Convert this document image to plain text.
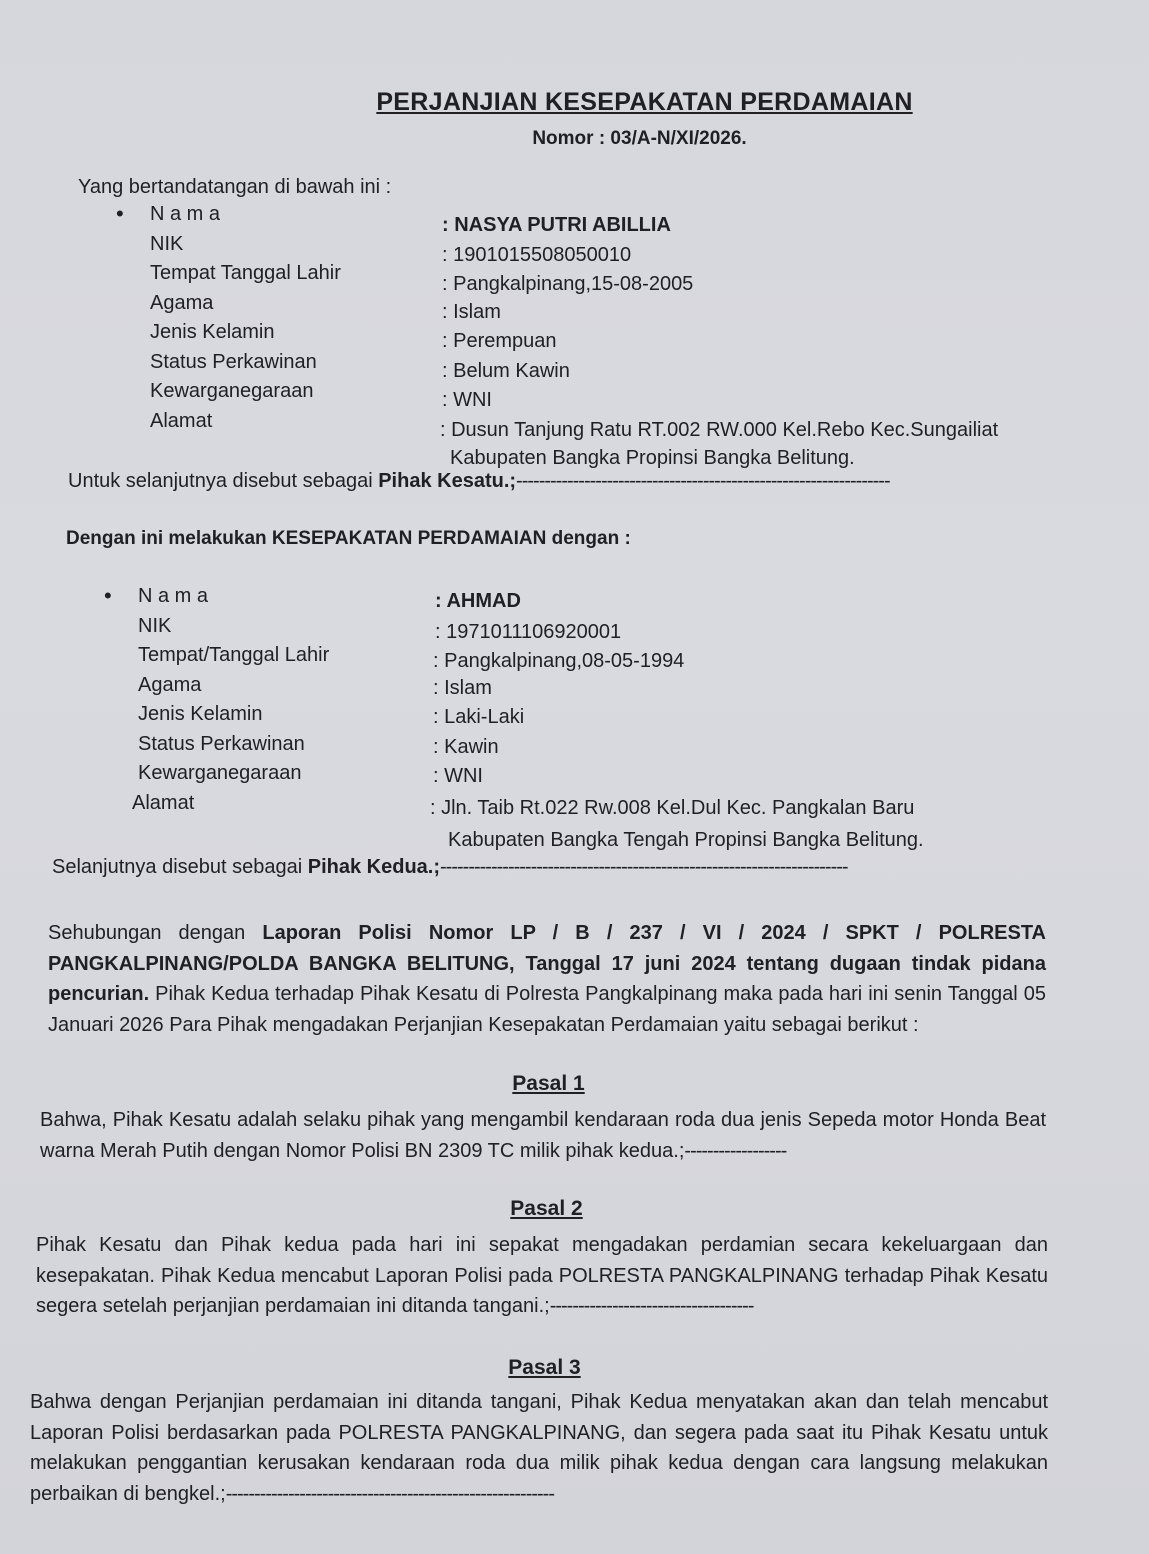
PERJANJIAN KESEPAKATAN PERDAMAIAN
Nomor : 03/A-N/XI/2026.
Yang bertandatangan di bawah ini :
• N a m a	: NASYA PUTRI ABILLIA
NIK	: 1901015508050010
Tempat Tanggal Lahir	: Pangkalpinang,15-08-2005
Agama	: Islam
Jenis Kelamin	: Perempuan
Status Perkawinan	: Belum Kawin
Kewarganegaraan	: WNI
Alamat	: Dusun Tanjung Ratu RT.002 RW.000 Kel.Rebo Kec.Sungailiat
Kabupaten Bangka Propinsi Bangka Belitung.
Untuk selanjutnya disebut sebagai Pihak Kesatu.;------------------------------------------------------------------
Dengan ini melakukan KESEPAKATAN PERDAMAIAN dengan :
• N a m a	: AHMAD
NIK	: 1971011106920001
Tempat/Tanggal Lahir	: Pangkalpinang,08-05-1994
Agama	: Islam
Jenis Kelamin	: Laki-Laki
Status Perkawinan	: Kawin
Kewarganegaraan	: WNI
Alamat	: Jln. Taib Rt.022 Rw.008 Kel.Dul Kec. Pangkalan Baru
Kabupaten Bangka Tengah Propinsi Bangka Belitung.
Selanjutnya disebut sebagai Pihak Kedua.;------------------------------------------------------------------------
Sehubungan dengan Laporan Polisi Nomor LP / B / 237 / VI / 2024 / SPKT / POLRESTA PANGKALPINANG/POLDA BANGKA BELITUNG, Tanggal 17 juni 2024 tentang dugaan tindak pidana pencurian. Pihak Kedua terhadap Pihak Kesatu di Polresta Pangkalpinang maka pada hari ini senin Tanggal 05 Januari 2026 Para Pihak mengadakan Perjanjian Kesepakatan Perdamaian yaitu sebagai berikut :
Pasal 1
Bahwa, Pihak Kesatu adalah selaku pihak yang mengambil kendaraan roda dua jenis Sepeda motor Honda Beat warna Merah Putih dengan Nomor Polisi BN 2309 TC milik pihak kedua.;------------------
Pasal 2
Pihak Kesatu dan Pihak kedua pada hari ini sepakat mengadakan perdamian secara kekeluargaan dan kesepakatan. Pihak Kedua mencabut Laporan Polisi pada POLRESTA PANGKALPINANG terhadap Pihak Kesatu segera setelah perjanjian perdamaian ini ditanda tangani.;------------------------------------
Pasal 3
Bahwa dengan Perjanjian perdamaian ini ditanda tangani, Pihak Kedua menyatakan akan dan telah mencabut Laporan Polisi berdasarkan pada POLRESTA PANGKALPINANG, dan segera pada saat itu Pihak Kesatu untuk melakukan penggantian kerusakan kendaraan roda dua milik pihak kedua dengan cara langsung melakukan perbaikan di bengkel.;----------------------------------------------------------
